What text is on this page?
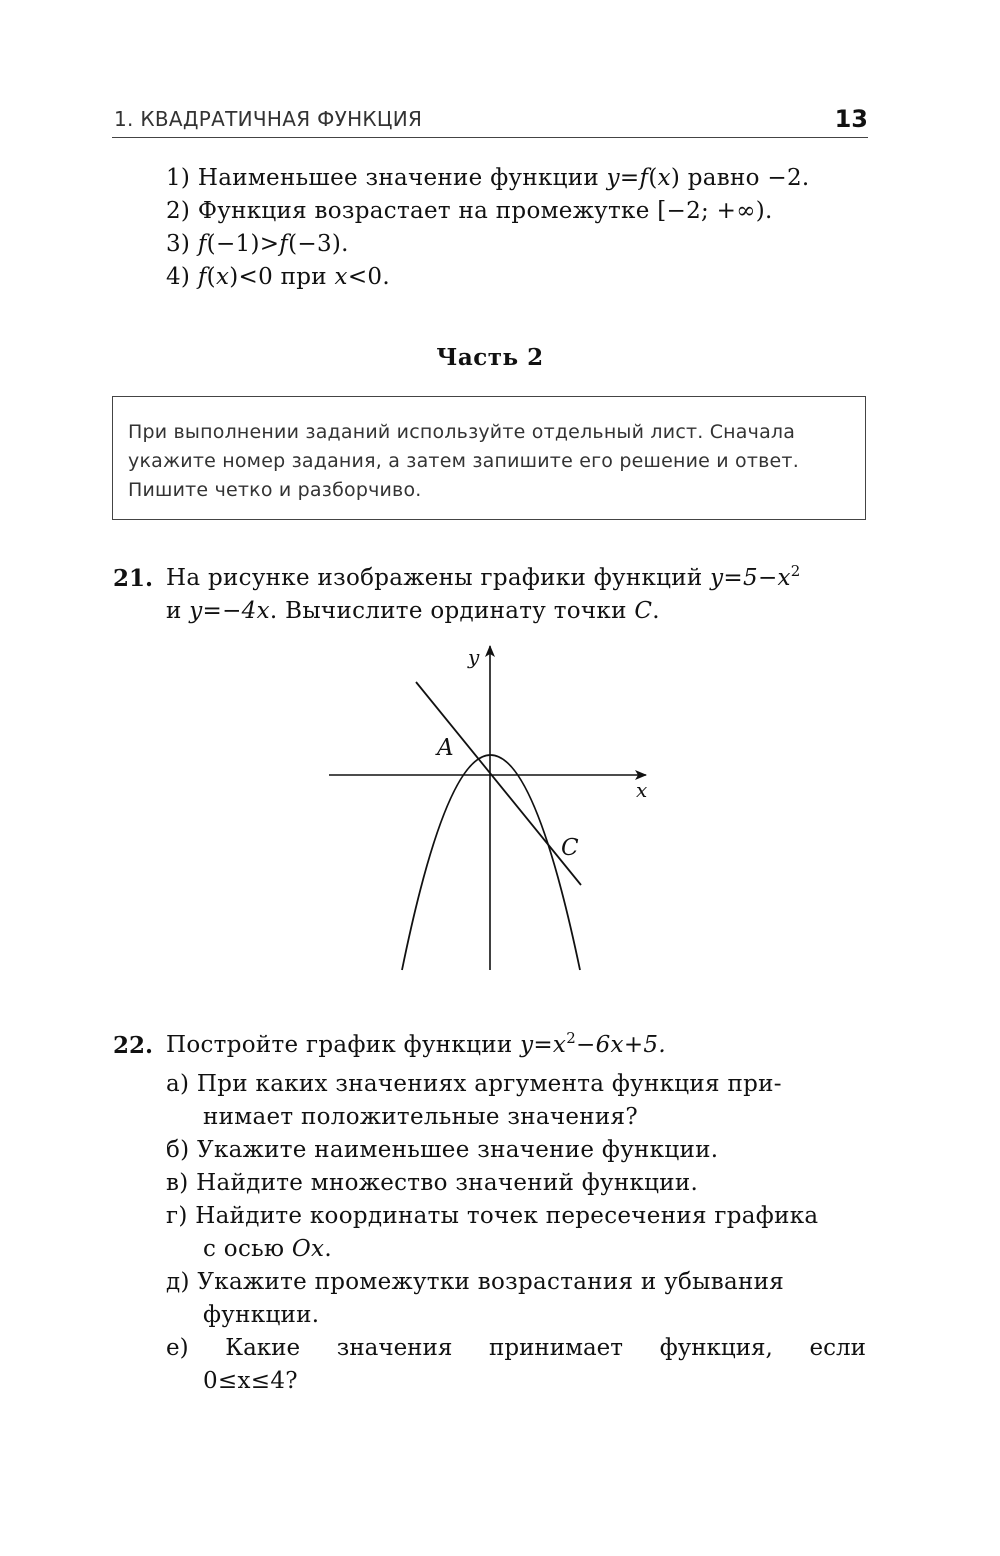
1. КВАДРАТИЧНАЯ ФУНКЦИЯ	13
1) Наименьшее значение функции y=f(x) равно −2.
2) Функция возрастает на промежутке [−2; +∞).
3) f(−1)>f(−3).
4) f(x)<0 при x<0.
Часть 2
При выполнении заданий используйте отдельный лист. Сначала
укажите номер задания, а затем запишите его решение и ответ.
Пишите четко и разборчиво.
21. На рисунке изображены графики функций $y=5-x^2$
и y=−4x. Вычислите ординату точки C.
y
x
A
C
22. Постройте график функции $y=x^2-6x+5$.
а) При каких значениях аргумента функция при-
нимает положительные значения?
б) Укажите наименьшее значение функции.
в) Найдите множество значений функции.
г) Найдите координаты точек пересечения графика
с осью Ox.
д) Укажите промежутки возрастания и убывания
функции.
е) Какие значения принимает функция, если
0≤x≤4?
